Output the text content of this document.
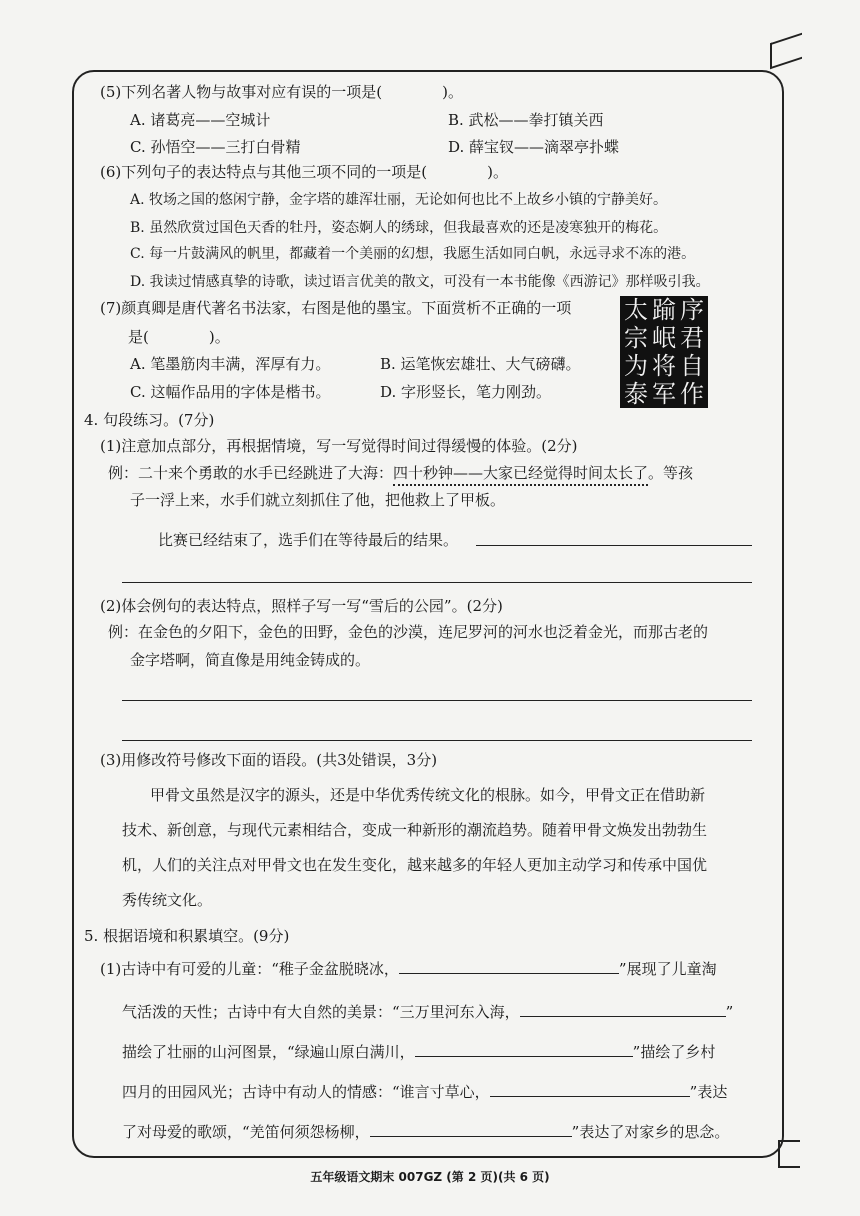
(5)下列名著人物与故事对应有误的一项是(　　　　)。
A. 诸葛亮——空城计	B. 武松——拳打镇关西
C. 孙悟空——三打白骨精	D. 薛宝钗——滴翠亭扑蝶
(6)下列句子的表达特点与其他三项不同的一项是(　　　　)。
A. 牧场之国的悠闲宁静，金字塔的雄浑壮丽，无论如何也比不上故乡小镇的宁静美好。
B. 虽然欣赏过国色天香的牡丹，姿态婀人的绣球，但我最喜欢的还是凌寒独开的梅花。
C. 每一片鼓满风的帆里，都藏着一个美丽的幻想，我愿生活如同白帆，永远寻求不冻的港。
D. 我读过情感真挚的诗歌，读过语言优美的散文，可没有一本书能像《西游记》那样吸引我。
(7)颜真卿是唐代著名书法家，右图是他的墨宝。下面赏析不正确的一项
是(　　　　)。
A. 笔墨筋肉丰满，浑厚有力。	B. 运笔恢宏雄壮、大气磅礴。
C. 这幅作品用的字体是楷书。	D. 字形竖长，笔力刚劲。
太
宗
为
泰
踰
岷
将
军
序
君
自
作
4. 句段练习。(7分)
(1)注意加点部分，再根据情境，写一写觉得时间过得缓慢的体验。(2分)
例：二十来个勇敢的水手已经跳进了大海：四十秒钟——大家已经觉得时间太长了。等孩
子一浮上来，水手们就立刻抓住了他，把他救上了甲板。
比赛已经结束了，选手们在等待最后的结果。
(2)体会例句的表达特点，照样子写一写“雪后的公园”。(2分)
例：在金色的夕阳下，金色的田野，金色的沙漠，连尼罗河的河水也泛着金光，而那古老的
金字塔啊，简直像是用纯金铸成的。
(3)用修改符号修改下面的语段。(共3处错误，3分)
甲骨文虽然是汉字的源头，还是中华优秀传统文化的根脉。如今，甲骨文正在借助新
技术、新创意，与现代元素相结合，变成一种新形的潮流趋势。随着甲骨文焕发出勃勃生
机，人们的关注点对甲骨文也在发生变化，越来越多的年轻人更加主动学习和传承中国优
秀传统文化。
5. 根据语境和积累填空。(9分)
(1)古诗中有可爱的儿童：“稚子金盆脱晓冰，	”展现了儿童淘
气活泼的天性；古诗中有大自然的美景：“三万里河东入海，	”
描绘了壮丽的山河图景，“绿遍山原白满川，	”描绘了乡村
四月的田园风光；古诗中有动人的情感：“谁言寸草心，	”表达
了对母爱的歌颂，“羌笛何须怨杨柳，	”表达了对家乡的思念。
五年级语文期末 007GZ (第 2 页)(共 6 页)
